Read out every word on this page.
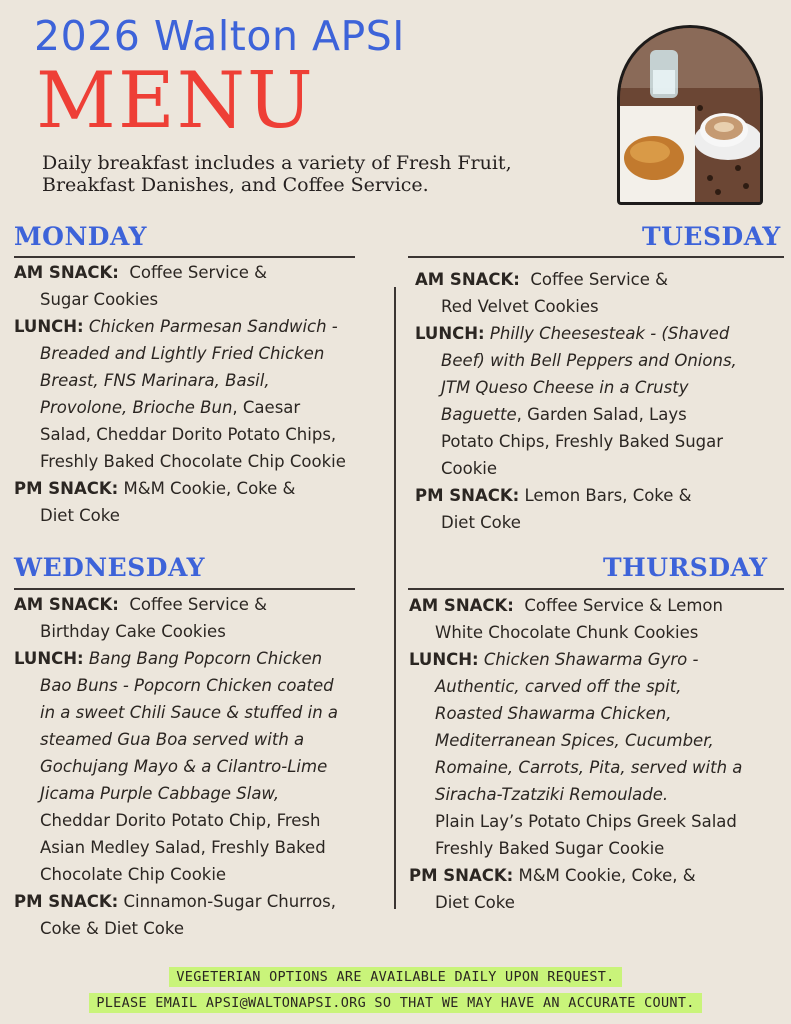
2026 Walton APSI
MENU
Daily breakfast includes a variety of Fresh Fruit,
Breakfast Danishes, and Coffee Service.
MONDAY

AM SNACK: Coffee Service &

Sugar Cookies

LUNCH: Chicken Parmesan Sandwich -

Breaded and Lightly Fried Chicken

Breast, FNS Marinara, Basil,

Provolone, Brioche Bun, Caesar

Salad, Cheddar Dorito Potato Chips,

Freshly Baked Chocolate Chip Cookie

PM SNACK: M&M Cookie, Coke &

Diet Coke

TUESDAY

AM SNACK: Coffee Service &

Red Velvet Cookies

LUNCH: Philly Cheesesteak - (Shaved

Beef) with Bell Peppers and Onions,

JTM Queso Cheese in a Crusty

Baguette, Garden Salad, Lays

Potato Chips, Freshly Baked Sugar

Cookie

PM SNACK: Lemon Bars, Coke &

Diet Coke

WEDNESDAY

AM SNACK: Coffee Service &

Birthday Cake Cookies

LUNCH: Bang Bang Popcorn Chicken

Bao Buns - Popcorn Chicken coated

in a sweet Chili Sauce & stuffed in a

steamed Gua Boa served with a

Gochujang Mayo & a Cilantro-Lime

Jicama Purple Cabbage Slaw,

Cheddar Dorito Potato Chip, Fresh

Asian Medley Salad, Freshly Baked

Chocolate Chip Cookie

PM SNACK: Cinnamon-Sugar Churros,

Coke & Diet Coke

THURSDAY

AM SNACK: Coffee Service & Lemon

White Chocolate Chunk Cookies

LUNCH: Chicken Shawarma Gyro -

Authentic, carved off the spit,

Roasted Shawarma Chicken,

Mediterranean Spices, Cucumber,

Romaine, Carrots, Pita, served with a

Siracha-Tzatziki Remoulade.

Plain Lay’s Potato Chips Greek Salad

Freshly Baked Sugar Cookie

PM SNACK: M&M Cookie, Coke, &

Diet Coke

VEGETERIAN OPTIONS ARE AVAILABLE DAILY UPON REQUEST.
PLEASE EMAIL APSI@WALTONAPSI.ORG SO THAT WE MAY HAVE AN ACCURATE COUNT.
